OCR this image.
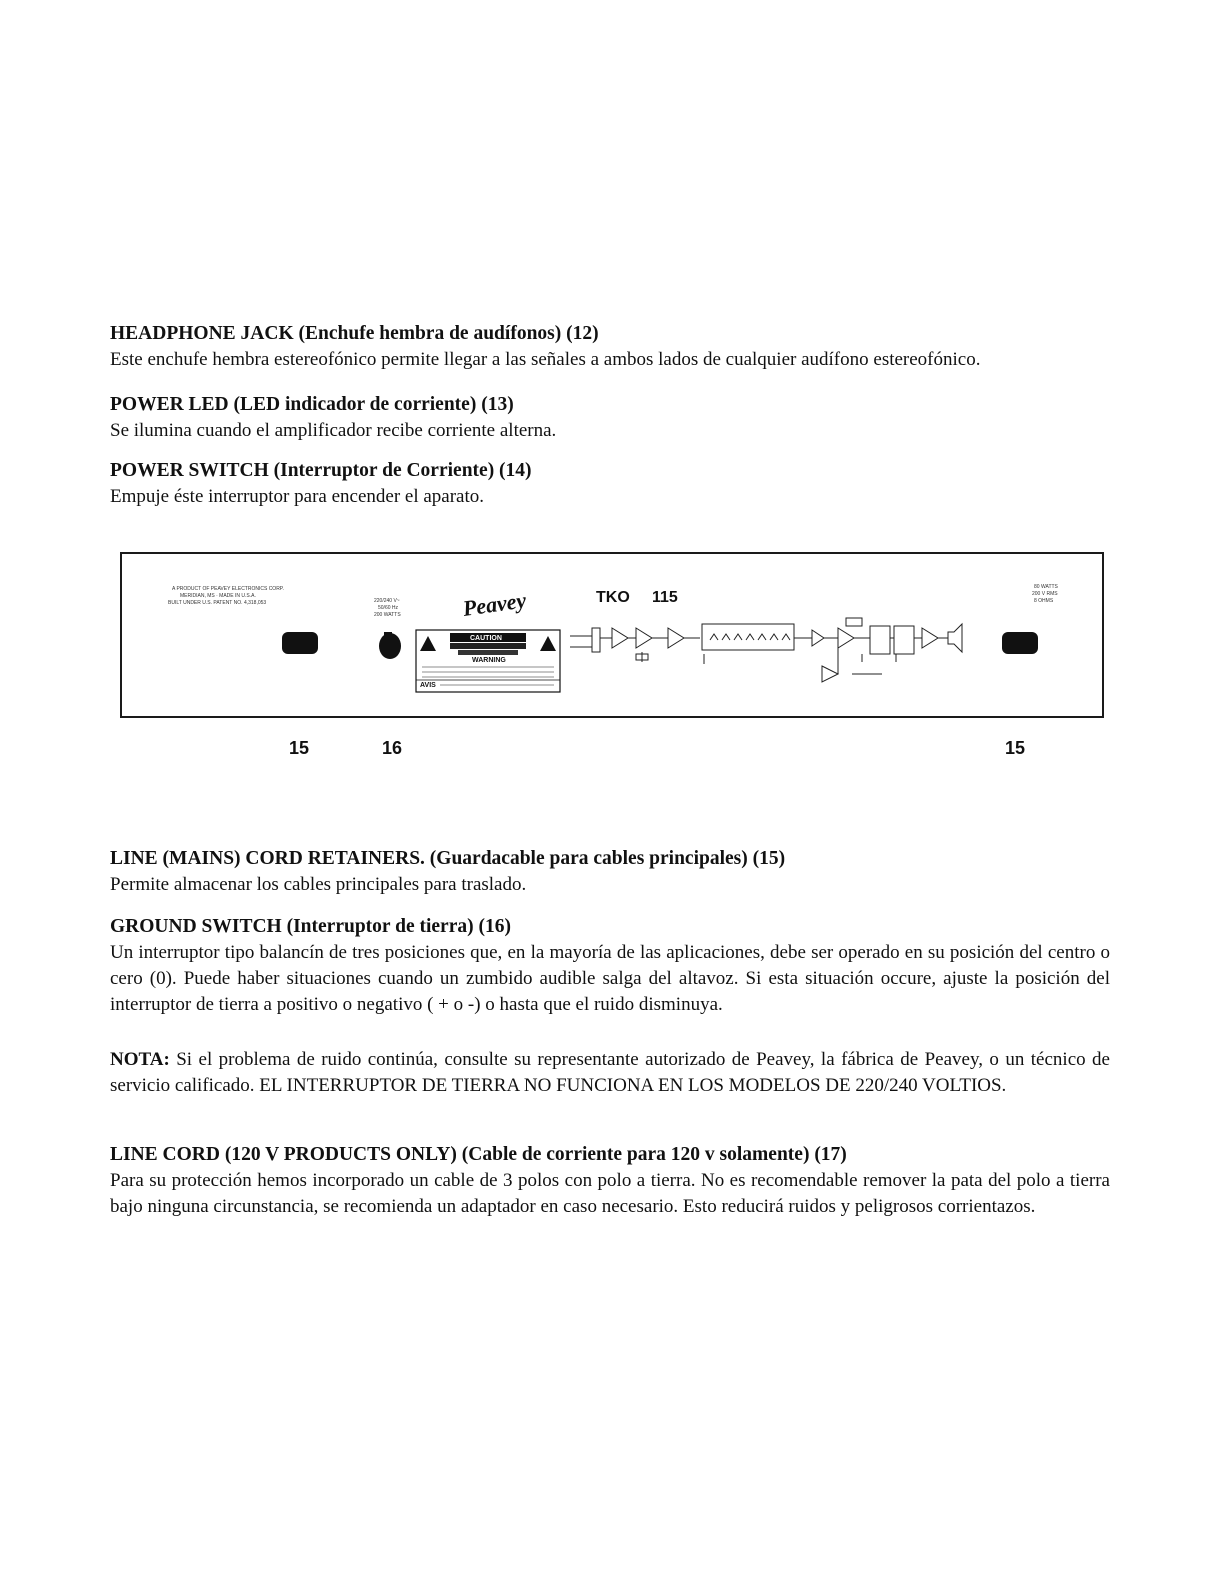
HEADPHONE JACK (Enchufe hembra de audífonos) (12)

Este enchufe hembra estereofónico permite llegar a las señales a ambos lados de cualquier audífono estereofónico.

POWER LED (LED indicador de corriente) (13)

Se ilumina cuando el amplificador recibe corriente alterna.

POWER SWITCH (Interruptor de Corriente) (14)

Empuje éste interruptor para encender el aparato.

A PRODUCT OF PEAVEY ELECTRONICS CORP.
MERIDIAN, MS · MADE IN U.S.A.
BUILT UNDER U.S. PATENT NO. 4,318,053	220/240 V~
50/60 Hz
200 WATTS	Peavey
CAUTION
WARNING
AVIS
TKO 115
80 WATTS
200 V RMS
8 OHMS
15	16	15

LINE (MAINS) CORD RETAINERS. (Guardacable para cables principales) (15)

Permite almacenar los cables principales para traslado.

GROUND SWITCH (Interruptor de tierra) (16)

Un interruptor tipo balancín de tres posiciones que, en la mayoría de las aplicaciones, debe ser operado en su posición del centro o cero (0). Puede haber situaciones cuando un zumbido audible salga del altavoz. Si esta situación occure, ajuste la posición del interruptor de tierra a positivo o negativo ( + o -) o hasta que el ruido disminuya.

NOTA: Si el problema de ruido continúa, consulte su representante autorizado de Peavey, la fábrica de Peavey, o un técnico de servicio calificado. EL INTERRUPTOR DE TIERRA NO FUNCIONA EN LOS MODELOS DE 220/240 VOLTIOS.

LINE CORD (120 V PRODUCTS ONLY) (Cable de corriente para 120 v solamente) (17)

Para su protección hemos incorporado un cable de 3 polos con polo a tierra. No es recomendable remover la pata del polo a tierra bajo ninguna circunstancia, se recomienda un adaptador en caso necesario. Esto reducirá ruidos y peligrosos corrientazos.
